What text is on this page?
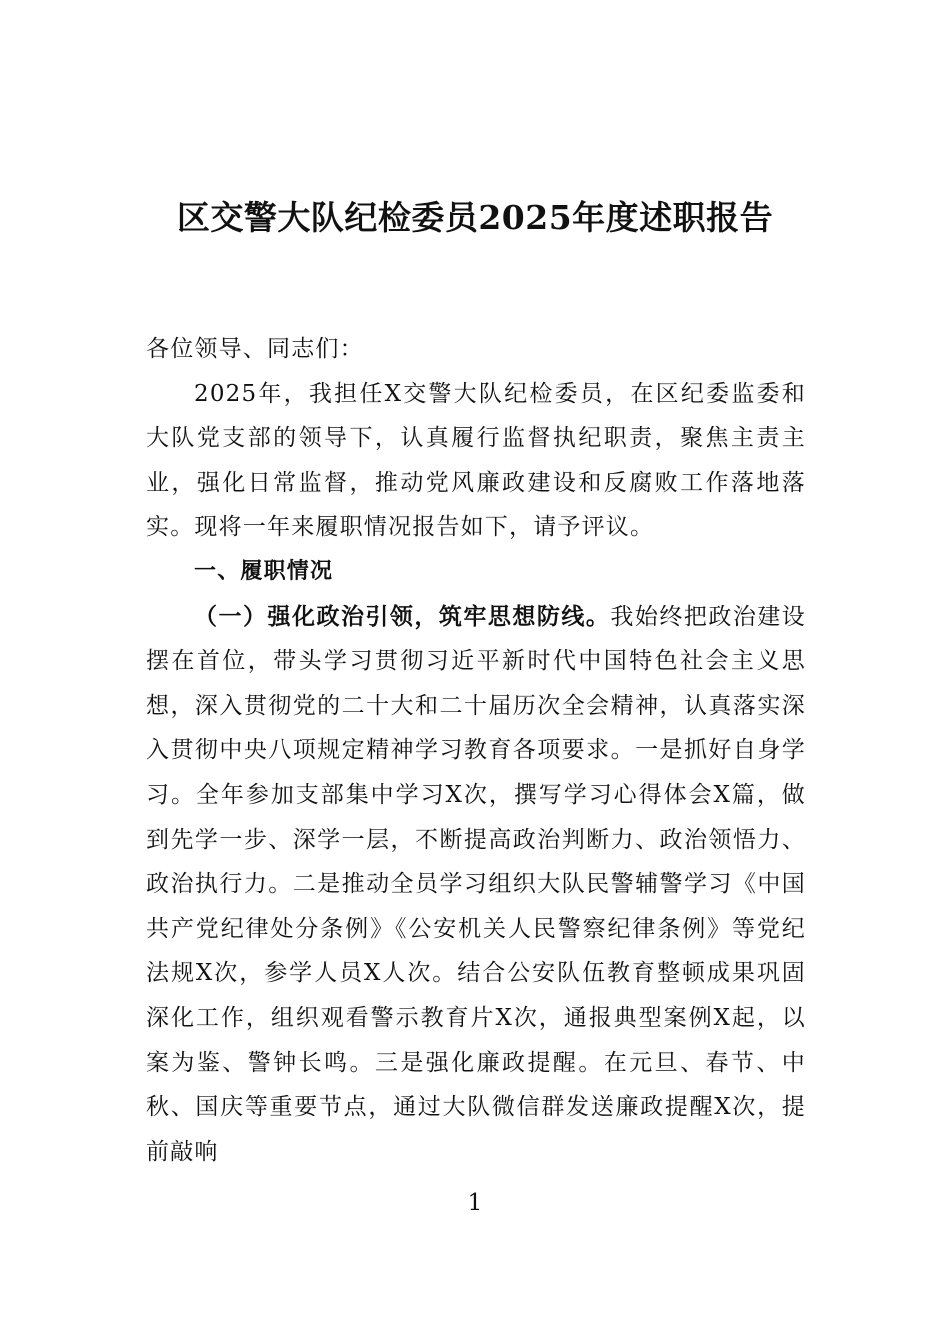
区交警大队纪检委员2025年度述职报告

各位领导、同志们：

2025年，我担任X交警大队纪检委员，在区纪委监委和大队党支部的领导下，认真履行监督执纪职责，聚焦主责主业，强化日常监督，推动党风廉政建设和反腐败工作落地落实。现将一年来履职情况报告如下，请予评议。

一、履职情况

（一）强化政治引领，筑牢思想防线。我始终把政治建设摆在首位，带头学习贯彻习近平新时代中国特色社会主义思想，深入贯彻党的二十大和二十届历次全会精神，认真落实深入贯彻中央八项规定精神学习教育各项要求。一是抓好自身学习。全年参加支部集中学习X次，撰写学习心得体会X篇，做到先学一步、深学一层，不断提高政治判断力、政治领悟力、政治执行力。二是推动全员学习组织大队民警辅警学习《中国共产党纪律处分条例》《公安机关人民警察纪律条例》等党纪法规X次，参学人员X人次。结合公安队伍教育整顿成果巩固深化工作，组织观看警示教育片X次，通报典型案例X起，以案为鉴、警钟长鸣。三是强化廉政提醒。在元旦、春节、中秋、国庆等重要节点，通过大队微信群发送廉政提醒X次，提前敲响

1
